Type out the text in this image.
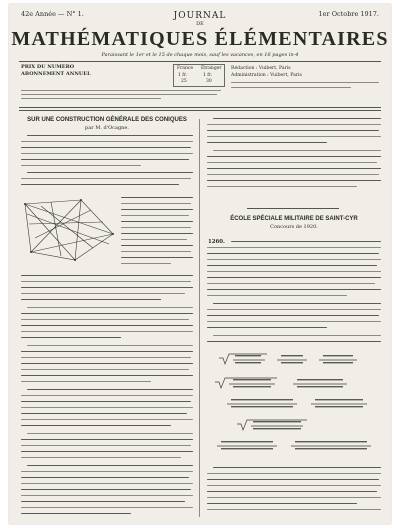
42e Année — N° 1.	1er Octobre 1917.
JOURNAL
DE
MATHÉMATIQUES ÉLÉMENTAIRES
Paraissant le 1er et le 15 de chaque mois, sauf les vacances, en 16 pages in-4
PRIX DU NUMÉRO
ABONNEMENT ANNUEL
France Étranger
1 fr.	1 fr.
25	30
Rédaction : Vuibert, Paris
Administration : Vuibert, Paris
SUR UNE CONSTRUCTION GÉNÉRALE DES CONIQUES
par M. d'Ocagne.
ÉCOLE SPÉCIALE MILITAIRE DE SAINT-CYR
Concours de 1920.
1260.
